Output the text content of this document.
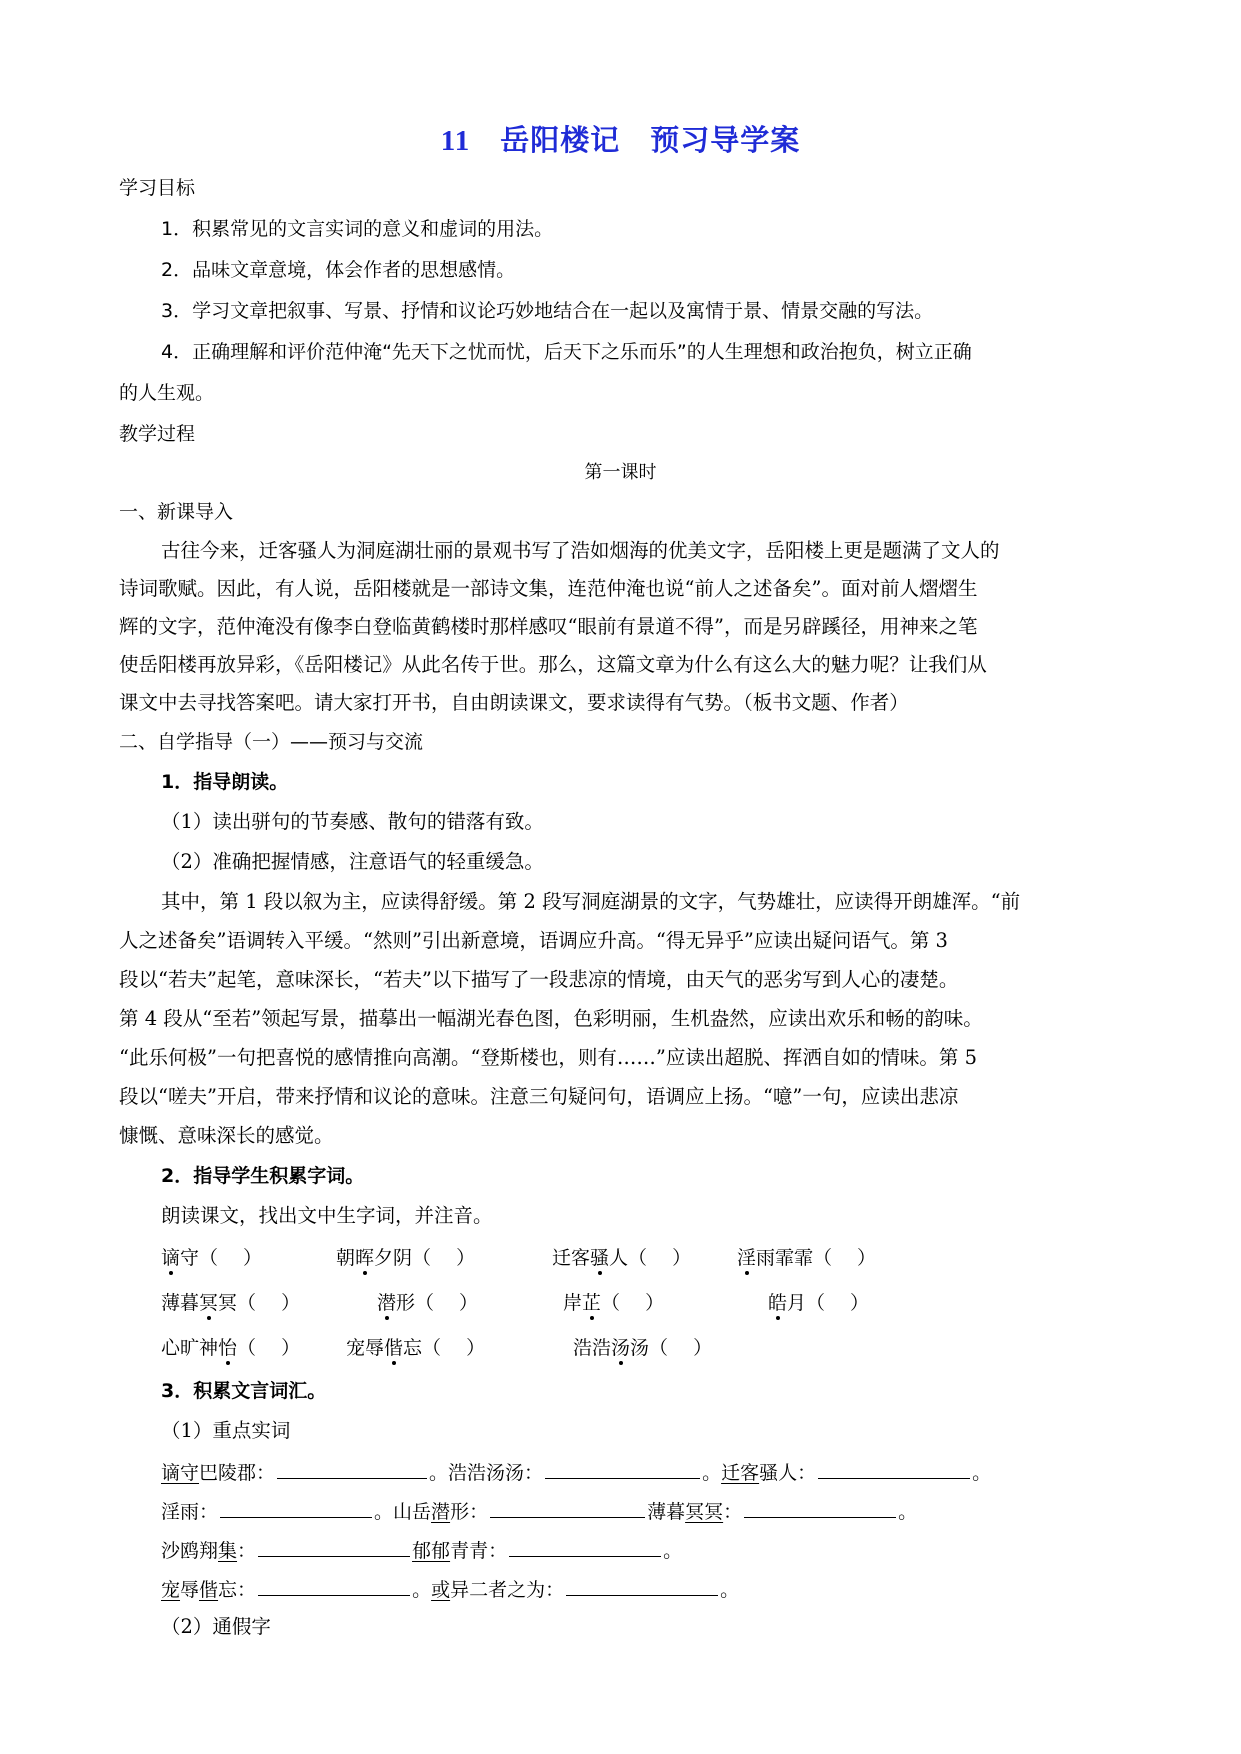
11　岳阳楼记　预习导学案
学习目标
1．积累常见的文言实词的意义和虚词的用法。
2．品味文章意境，体会作者的思想感情。
3．学习文章把叙事、写景、抒情和议论巧妙地结合在一起以及寓情于景、情景交融的写法。
4．正确理解和评价范仲淹“先天下之忧而忧，后天下之乐而乐”的人生理想和政治抱负，树立正确
的人生观。
教学过程
第一课时
一、新课导入
古往今来，迁客骚人为洞庭湖壮丽的景观书写了浩如烟海的优美文字，岳阳楼上更是题满了文人的
诗词歌赋。因此，有人说，岳阳楼就是一部诗文集，连范仲淹也说“前人之述备矣”。面对前人熠熠生
辉的文字，范仲淹没有像李白登临黄鹤楼时那样感叹“眼前有景道不得”，而是另辟蹊径，用神来之笔
使岳阳楼再放异彩，《岳阳楼记》从此名传于世。那么，这篇文章为什么有这么大的魅力呢？让我们从
课文中去寻找答案吧。请大家打开书，自由朗读课文，要求读得有气势。（板书文题、作者）
二、自学指导（一）——预习与交流
1．指导朗读。
（1）读出骈句的节奏感、散句的错落有致。
（2）准确把握情感，注意语气的轻重缓急。
其中，第 1 段以叙为主，应读得舒缓。第 2 段写洞庭湖景的文字，气势雄壮，应读得开朗雄浑。“前
人之述备矣”语调转入平缓。“然则”引出新意境，语调应升高。“得无异乎”应读出疑问语气。第 3
段以“若夫”起笔，意味深长，“若夫”以下描写了一段悲凉的情境，由天气的恶劣写到人心的凄楚。
第 4 段从“至若”领起写景，描摹出一幅湖光春色图，色彩明丽，生机盎然，应读出欢乐和畅的韵味。
“此乐何极”一句把喜悦的感情推向高潮。“登斯楼也，则有……”应读出超脱、挥洒自如的情味。第 5
段以“嗟夫”开启，带来抒情和议论的意味。注意三句疑问句，语调应上扬。“噫”一句，应读出悲凉
慷慨、意味深长的感觉。
2．指导学生积累字词。
朗读课文，找出文中生字词，并注音。
谪守（　 ）	朝晖夕阴（　 ）	迁客骚人（　 ） 淫雨霏霏（　 ）
薄暮冥冥（　 ）	潜形（　 ）	岸芷（　 ）	皓月（　 ）
心旷神怡（　 ） 宠辱偕忘（　 ）	浩浩汤汤（　 ）
3．积累文言词汇。
（1）重点实词
谪守巴陵郡：	。浩浩汤汤：	。迁客骚人：	。
淫雨：	。山岳潜形：	薄暮冥冥：	。
沙鸥翔集：	郁郁青青：	。
宠辱偕忘：	。或异二者之为：	。
（2）通假字
